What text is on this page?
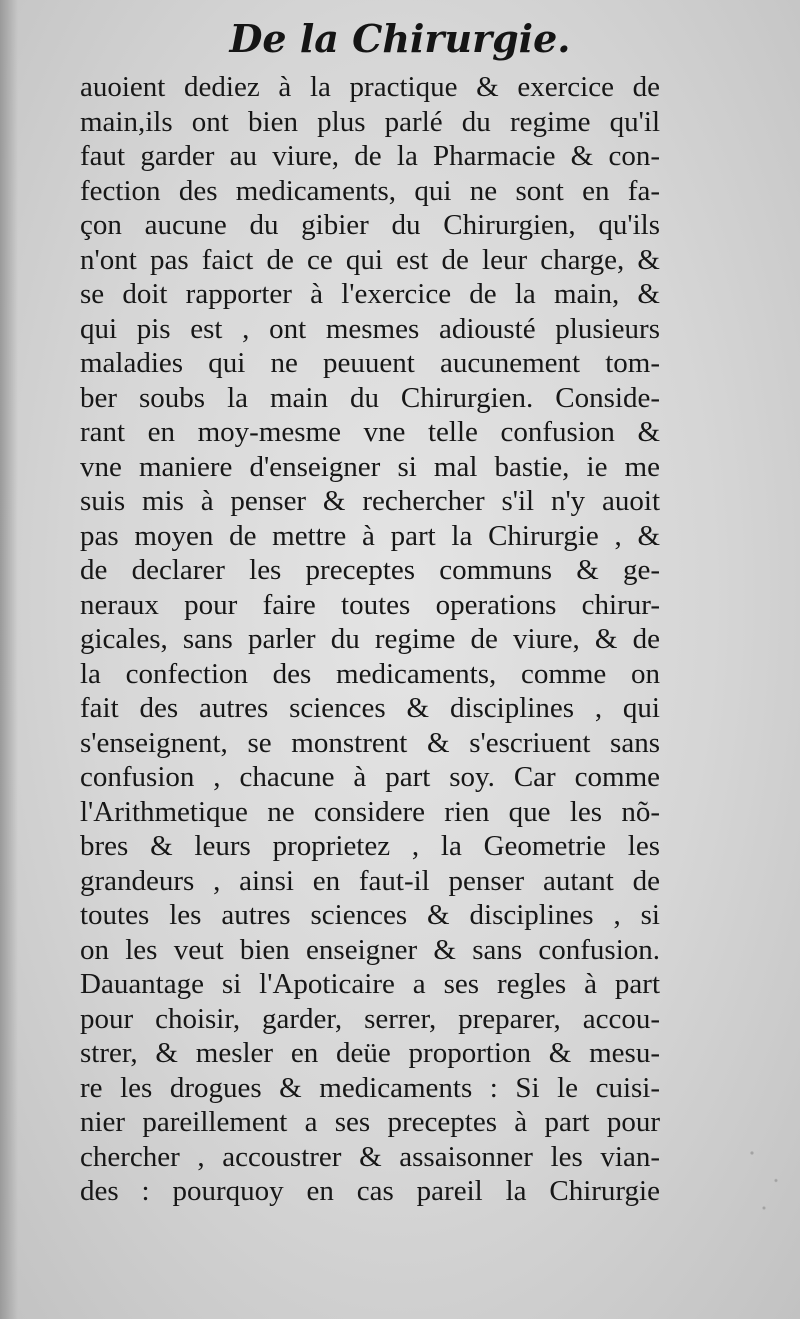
De la Chirurgie.
auoient dediez à la practique & exercice de
main,ils ont bien plus parlé du regime qu'il
faut garder au viure, de la Pharmacie & con-
fection des medicaments, qui ne sont en fa-
çon aucune du gibier du Chirurgien, qu'ils
n'ont pas faict de ce qui est de leur charge, &
se doit rapporter à l'exercice de la main, &
qui pis est , ont mesmes adiousté plusieurs
maladies qui ne peuuent aucunement tom-
ber soubs la main du Chirurgien. Conside-
rant en moy-mesme vne telle confusion &
vne maniere d'enseigner si mal bastie, ie me
suis mis à penser & rechercher s'il n'y auoit
pas moyen de mettre à part la Chirurgie , &
de declarer les preceptes communs & ge-
neraux pour faire toutes operations chirur-
gicales, sans parler du regime de viure, & de
la confection des medicaments, comme on
fait des autres sciences & disciplines , qui
s'enseignent, se monstrent & s'escriuent sans
confusion , chacune à part soy. Car comme
l'Arithmetique ne considere rien que les nõ-
bres & leurs proprietez , la Geometrie les
grandeurs , ainsi en faut-il penser autant de
toutes les autres sciences & disciplines , si
on les veut bien enseigner & sans confusion.
Dauantage si l'Apoticaire a ses regles à part
pour choisir, garder, serrer, preparer, accou-
strer, & mesler en deüe proportion & mesu-
re les drogues & medicaments : Si le cuisi-
nier pareillement a ses preceptes à part pour
chercher , accoustrer & assaisonner les vian-
des : pourquoy en cas pareil la Chirurgie
